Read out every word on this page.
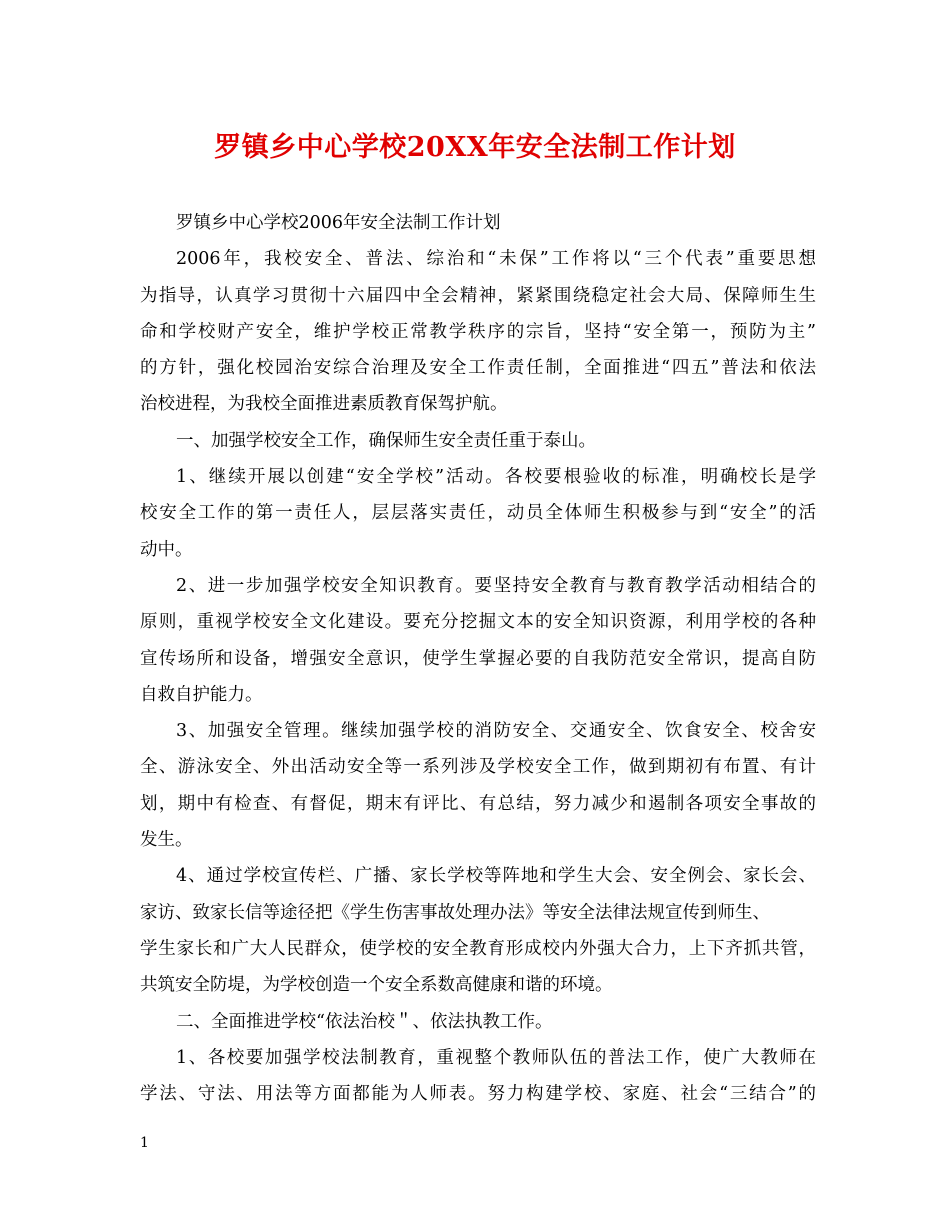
罗镇乡中心学校20XX年安全法制工作计划
罗镇乡中心学校2006年安全法制工作计划
2006年，我校安全、普法、综治和“未保”工作将以“三个代表”重要思想
为指导，认真学习贯彻十六届四中全会精神，紧紧围绕稳定社会大局、保障师生生
命和学校财产安全，维护学校正常教学秩序的宗旨，坚持“安全第一，预防为主”
的方针，强化校园治安综合治理及安全工作责任制，全面推进“四五”普法和依法
治校进程，为我校全面推进素质教育保驾护航。
一、加强学校安全工作，确保师生安全责任重于泰山。
1、继续开展以创建“安全学校”活动。各校要根验收的标准，明确校长是学
校安全工作的第一责任人，层层落实责任，动员全体师生积极参与到“安全”的活
动中。
2、进一步加强学校安全知识教育。要坚持安全教育与教育教学活动相结合的
原则，重视学校安全文化建设。要充分挖掘文本的安全知识资源，利用学校的各种
宣传场所和设备，增强安全意识，使学生掌握必要的自我防范安全常识，提高自防
自救自护能力。
3、加强安全管理。继续加强学校的消防安全、交通安全、饮食安全、校舍安
全、游泳安全、外出活动安全等一系列涉及学校安全工作，做到期初有布置、有计
划，期中有检查、有督促，期末有评比、有总结，努力减少和遏制各项安全事故的
发生。
4、通过学校宣传栏、广播、家长学校等阵地和学生大会、安全例会、家长会、
家访、致家长信等途径把《学生伤害事故处理办法》等安全法律法规宣传到师生、
学生家长和广大人民群众，使学校的安全教育形成校内外强大合力，上下齐抓共管，
共筑安全防堤，为学校创造一个安全系数高健康和谐的环境。
二、全面推进学校“依法治校＂、依法执教工作。
1、各校要加强学校法制教育，重视整个教师队伍的普法工作，使广大教师在
学法、守法、用法等方面都能为人师表。努力构建学校、家庭、社会“三结合”的
1
